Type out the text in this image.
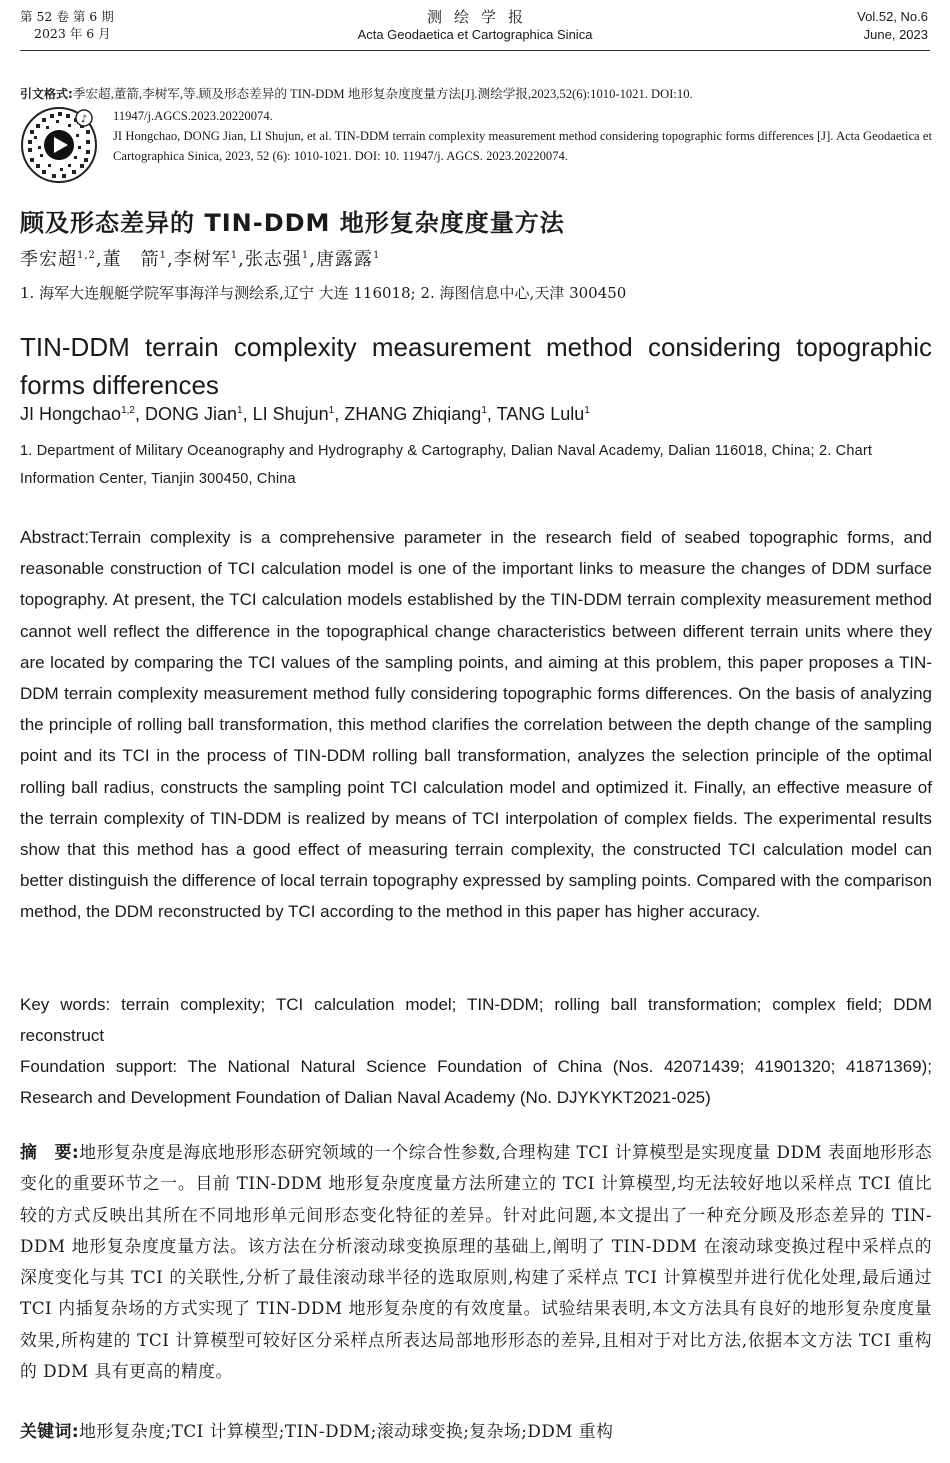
第 52 卷 第 6 期
2023 年 6 月
测绘学报
Acta Geodaetica et Cartographica Sinica
Vol.52, No.6
June, 2023
引文格式:季宏超,董箭,李树军,等.顾及形态差异的 TIN-DDM 地形复杂度度量方法[J].测绘学报,2023,52(6):1010-1021. DOI:10.
11947/j.AGCS.2023.20220074.
♪
JI Hongchao, DONG Jian, LI Shujun, et al. TIN-DDM terrain complexity measurement method considering topographic forms differences [J]. Acta Geodaetica et Cartographica Sinica, 2023, 52 (6): 1010-1021. DOI: 10. 11947/j. AGCS. 2023.20220074.
顾及形态差异的 TIN-DDM 地形复杂度度量方法
季宏超$^{1,2}$,董　箭$^1$,李树军$^1$,张志强$^1$,唐露露$^1$
1. 海军大连舰艇学院军事海洋与测绘系,辽宁 大连 116018; 2. 海图信息中心,天津 300450
TIN-DDM terrain complexity measurement method considering topographic forms differences
JI Hongchao$^{1,2}$, DONG Jian$^1$, LI Shujun$^1$, ZHANG Zhiqiang$^1$, TANG Lulu$^1$
1. Department of Military Oceanography and Hydrography & Cartography, Dalian Naval Academy, Dalian 116018, China; 2. Chart Information Center, Tianjin 300450, China
Abstract:Terrain complexity is a comprehensive parameter in the research field of seabed topographic forms, and reasonable construction of TCI calculation model is one of the important links to measure the changes of DDM surface topography. At present, the TCI calculation models established by the TIN-DDM terrain complexity measurement method cannot well reflect the difference in the topographical change characteristics between different terrain units where they are located by comparing the TCI values of the sampling points, and aiming at this problem, this paper proposes a TIN-DDM terrain complexity measurement method fully considering topographic forms differences. On the basis of analyzing the principle of rolling ball transformation, this method clarifies the correlation between the depth change of the sampling point and its TCI in the process of TIN-DDM rolling ball transformation, analyzes the selection principle of the optimal rolling ball radius, constructs the sampling point TCI calculation model and optimized it. Finally, an effective measure of the terrain complexity of TIN-DDM is realized by means of TCI interpolation of complex fields. The experimental results show that this method has a good effect of measuring terrain complexity, the constructed TCI calculation model can better distinguish the difference of local terrain topography expressed by sampling points. Compared with the comparison method, the DDM reconstructed by TCI according to the method in this paper has higher accuracy.
Key words: terrain complexity; TCI calculation model; TIN-DDM; rolling ball transformation; complex field; DDM reconstruct
Foundation support: The National Natural Science Foundation of China (Nos. 42071439; 41901320; 41871369); Research and Development Foundation of Dalian Naval Academy (No. DJYKYKT2021-025)
摘　要:地形复杂度是海底地形形态研究领域的一个综合性参数,合理构建 TCI 计算模型是实现度量 DDM 表面地形形态变化的重要环节之一。目前 TIN-DDM 地形复杂度度量方法所建立的 TCI 计算模型,均无法较好地以采样点 TCI 值比较的方式反映出其所在不同地形单元间形态变化特征的差异。针对此问题,本文提出了一种充分顾及形态差异的 TIN-DDM 地形复杂度度量方法。该方法在分析滚动球变换原理的基础上,阐明了 TIN-DDM 在滚动球变换过程中采样点的深度变化与其 TCI 的关联性,分析了最佳滚动球半径的选取原则,构建了采样点 TCI 计算模型并进行优化处理,最后通过 TCI 内插复杂场的方式实现了 TIN-DDM 地形复杂度的有效度量。试验结果表明,本文方法具有良好的地形复杂度度量效果,所构建的 TCI 计算模型可较好区分采样点所表达局部地形形态的差异,且相对于对比方法,依据本文方法 TCI 重构的 DDM 具有更高的精度。
关键词:地形复杂度;TCI 计算模型;TIN-DDM;滚动球变换;复杂场;DDM 重构
